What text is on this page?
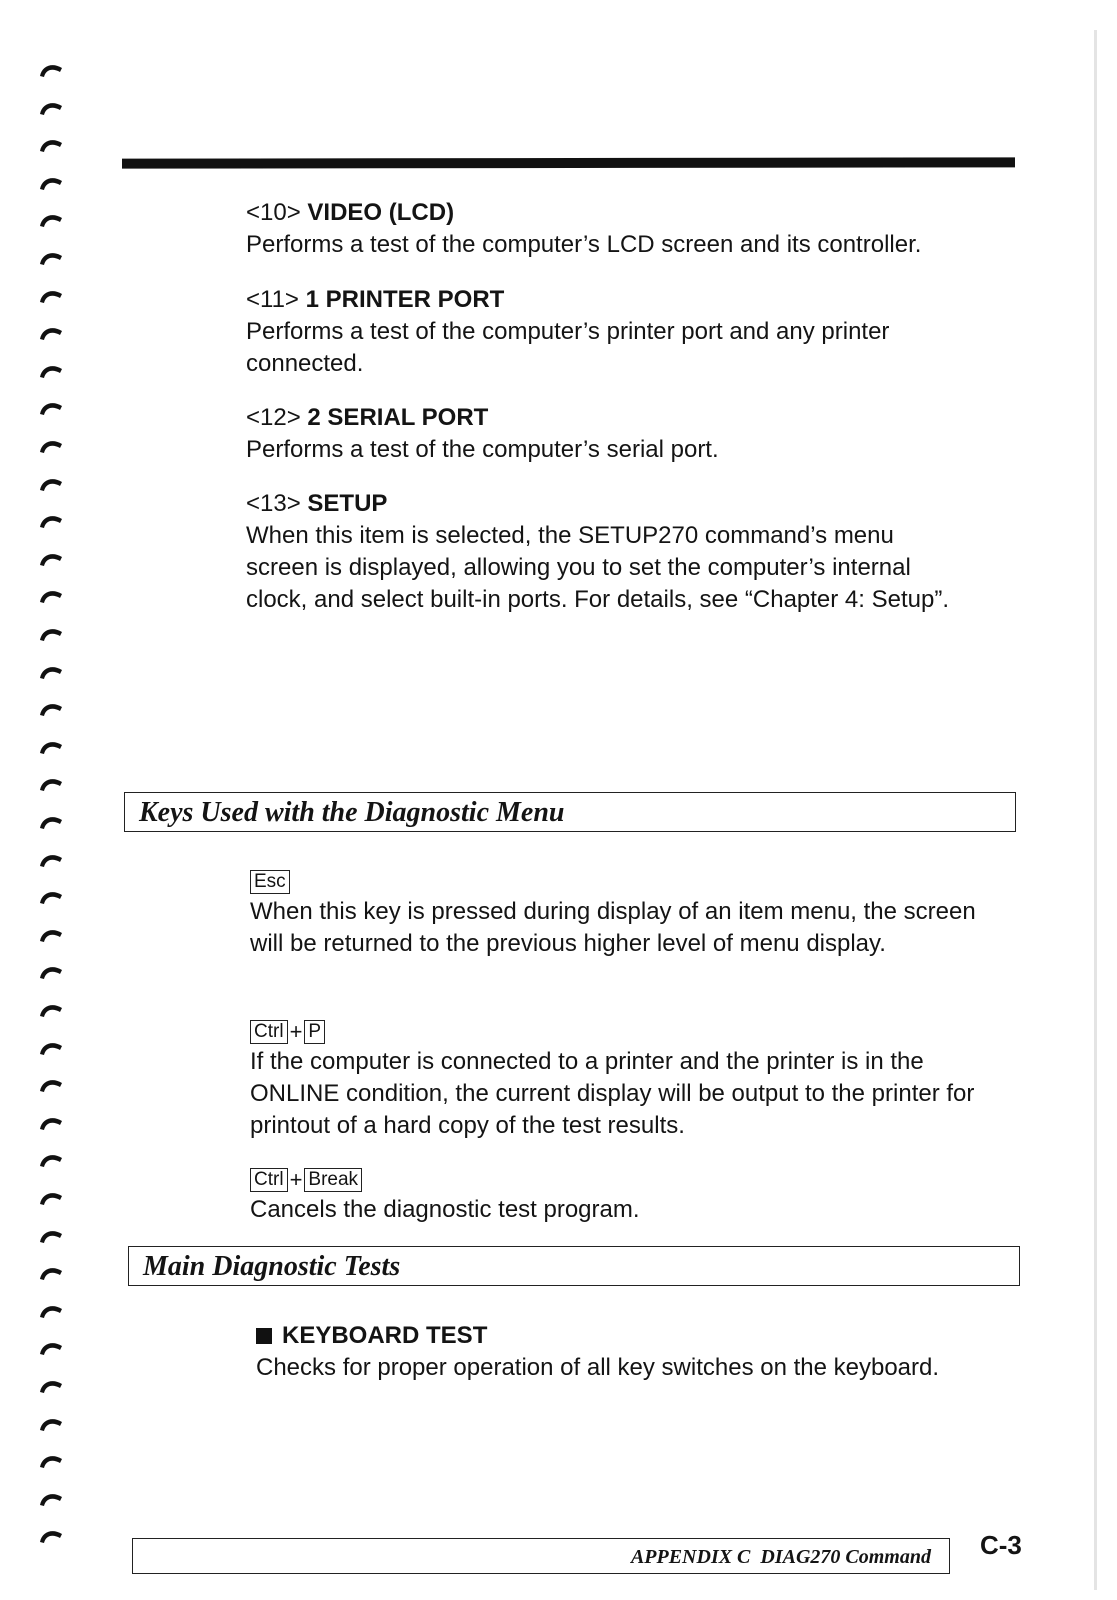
<10> VIDEO (LCD)
Performs a test of the computer’s LCD screen and its controller.
<11> 1 PRINTER PORT
Performs a test of the computer’s printer port and any printer connected.
<12> 2 SERIAL PORT
Performs a test of the computer’s serial port.
<13> SETUP
When this item is selected, the SETUP270 command’s menu screen is displayed, allowing you to set the computer’s internal clock, and select built-in ports. For details, see “Chapter 4: Setup”.
Keys Used with the Diagnostic Menu
Esc
When this key is pressed during display of an item menu, the screen will be returned to the previous higher level of menu display.
Ctrl + P
If the computer is connected to a printer and the printer is in the ONLINE condition, the current display will be output to the printer for printout of a hard copy of the test results.
Ctrl + Break
Cancels the diagnostic test program.
Main Diagnostic Tests
KEYBOARD TEST
Checks for proper operation of all key switches on the keyboard.
APPENDIX C  DIAG270 Command C-3
